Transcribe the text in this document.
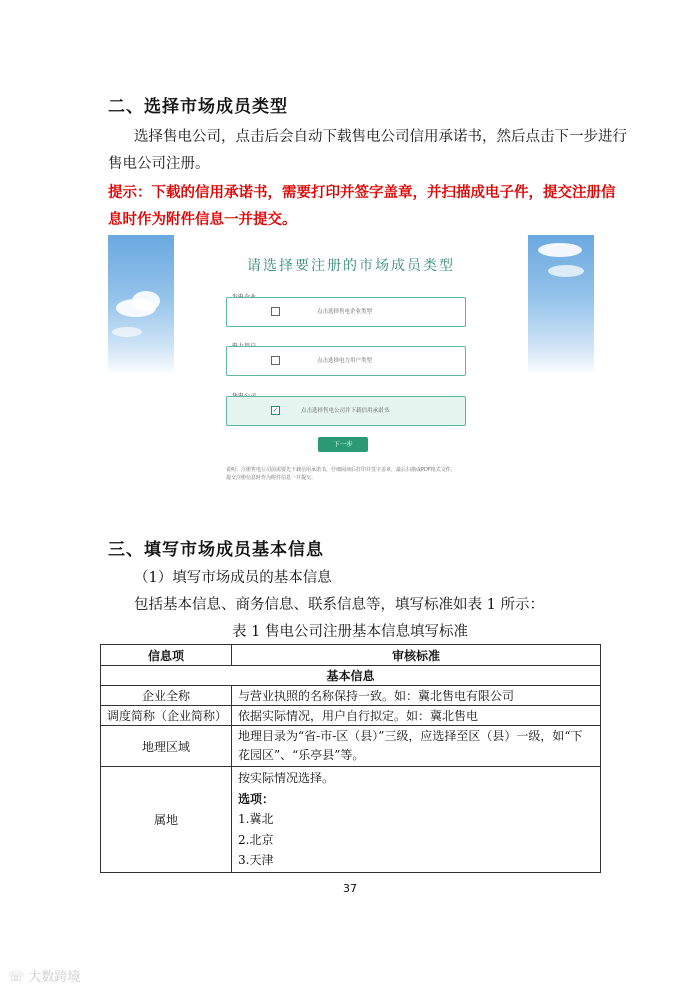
二、选择市场成员类型
选择售电公司，点击后会自动下载售电公司信用承诺书，然后点击下一步进行
售电公司注册。
提示：下载的信用承诺书，需要打印并签字盖章，并扫描成电子件，提交注册信
息时作为附件信息一并提交。
请选择要注册的市场成员类型
点击选择售电企业类型
点击选择电力用户类型
✓	点击选择售电公司并下载信用承诺书
下一步
说明：注册售电公司前需要先下载信用承诺书，仔细阅读后打印并签字盖章，最后扫描成PDF格式文件，
提交注册信息时作为附件信息一并提交。
三、填写市场成员基本信息
（1）填写市场成员的基本信息
包括基本信息、商务信息、联系信息等，填写标准如表 1 所示：
表 1 售电公司注册基本信息填写标准
信息项	审核标准
基本信息	
企业全称	与营业执照的名称保持一致。如：冀北售电有限公司
调度简称（企业简称）	依据实际情况，用户自行拟定。如：冀北售电
地理区域	地理目录为“省-市-区（县）”三级，应选择至区（县）一级，如“下
花园区”、“乐亭县”等。

属地	按实际情况选择。
选项：
1.冀北
2.北京
3.天津
37
☏ 大数跨境
